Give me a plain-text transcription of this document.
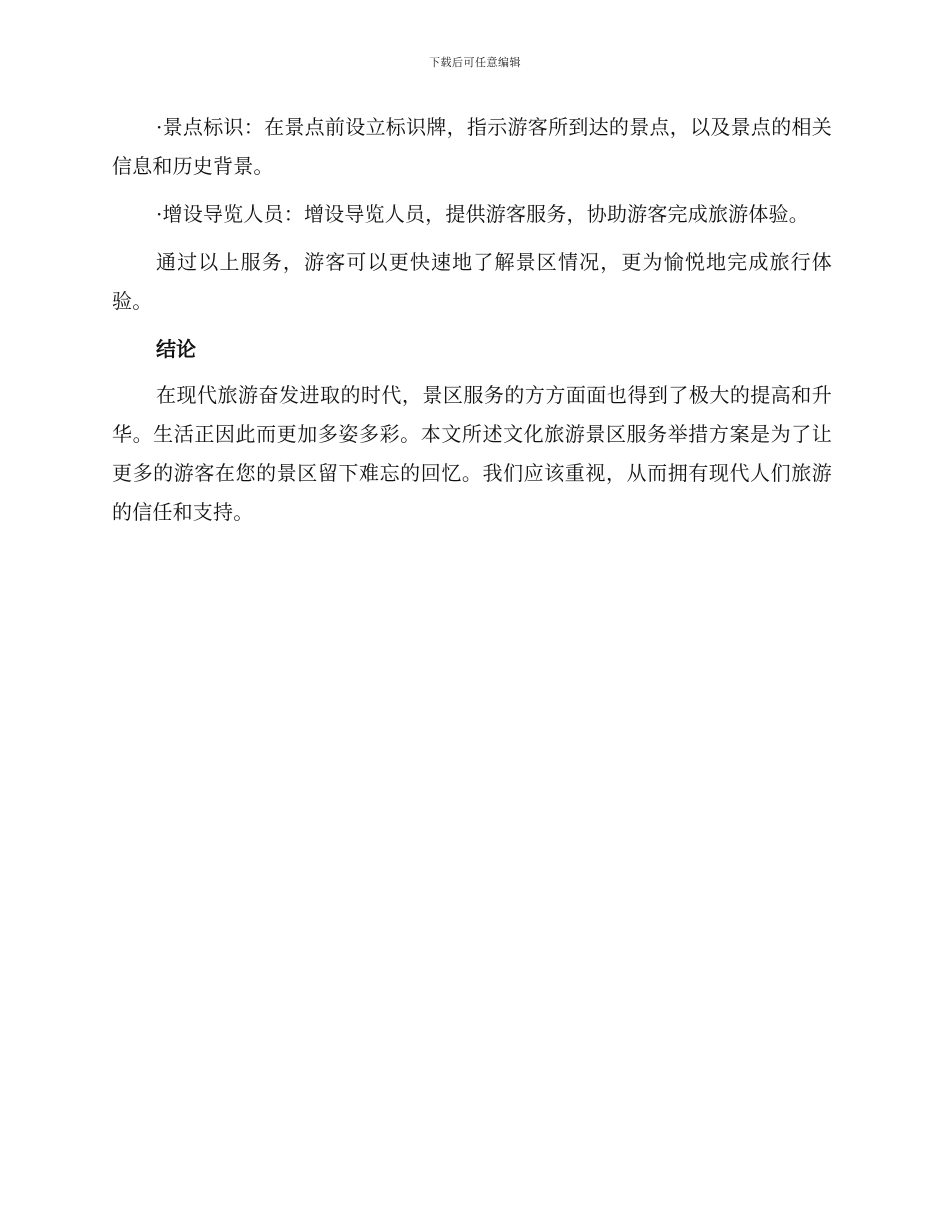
下载后可任意编辑

·景点标识：在景点前设立标识牌，指示游客所到达的景点，以及景点的相关信息和历史背景。

·增设导览人员：增设导览人员，提供游客服务，协助游客完成旅游体验。

通过以上服务，游客可以更快速地了解景区情况，更为愉悦地完成旅行体验。

结论

在现代旅游奋发进取的时代，景区服务的方方面面也得到了极大的提高和升华。生活正因此而更加多姿多彩。本文所述文化旅游景区服务举措方案是为了让更多的游客在您的景区留下难忘的回忆。我们应该重视，从而拥有现代人们旅游的信任和支持。
